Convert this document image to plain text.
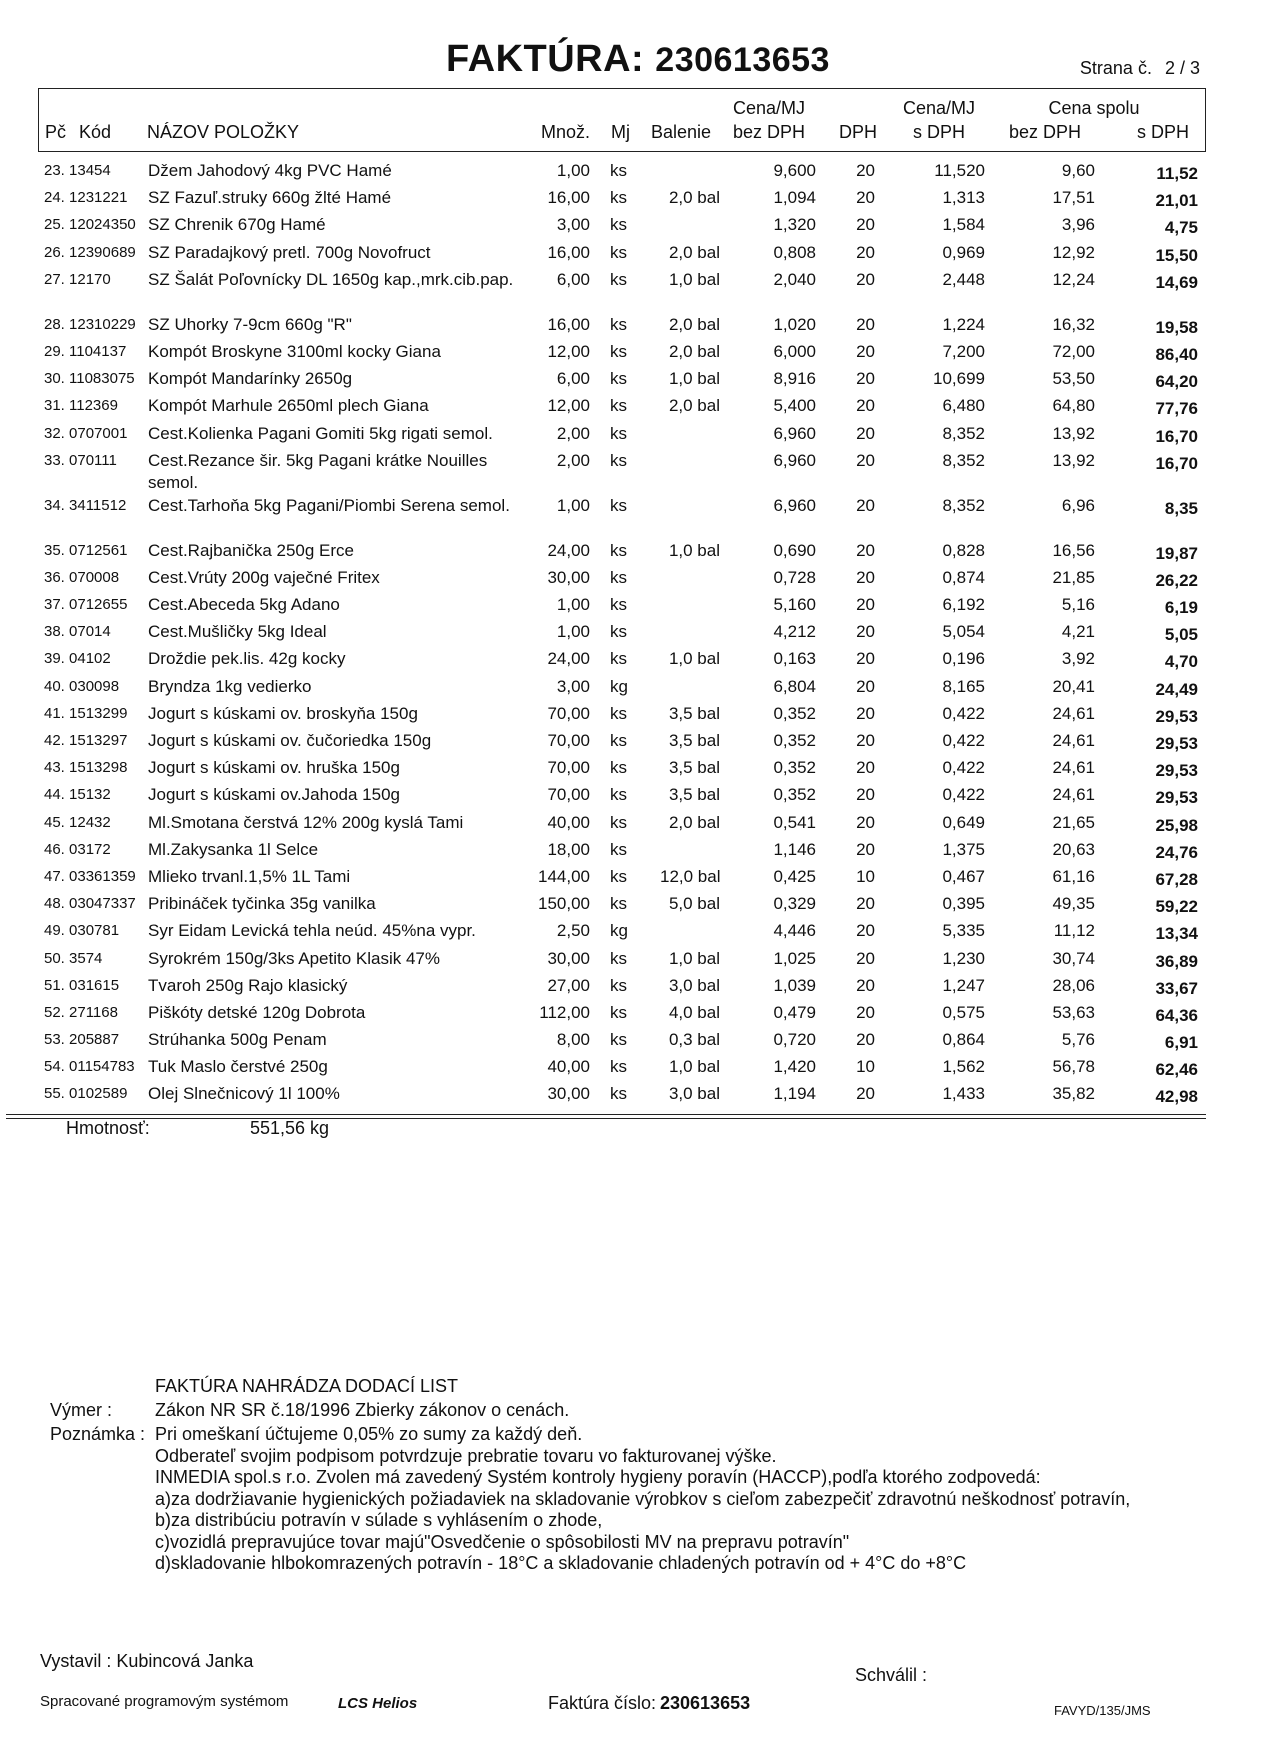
FAKTÚRA: 230613653	Strana č. 2 / 3
Pč Kód NÁZOV POLOŽKY	Množ. Mj Balenie
Cena/MJ
bez DPH DPH
Cena/MJ
s DPH
Cena spolu
bez DPH	s DPH
23. 13454	Džem Jahodový 4kg PVC Hamé	1,00 ks	9,600	20	11,520	9,60	11,52
24. 1231221	SZ Fazuľ.struky 660g žlté Hamé	16,00 ks	2,0 bal	1,094	20	1,313	17,51	21,01
25. 12024350 SZ Chrenik 670g Hamé	3,00 ks	1,320	20	1,584	3,96	4,75
26. 12390689 SZ Paradajkový pretl. 700g Novofruct	16,00 ks	2,0 bal	0,808	20	0,969	12,92	15,50
27. 12170	SZ Šalát Poľovnícky DL 1650g kap.,mrk.cib.pap.	6,00 ks	1,0 bal	2,040	20	2,448	12,24	14,69
28. 12310229 SZ Uhorky 7-9cm 660g "R"	16,00 ks	2,0 bal	1,020	20	1,224	16,32	19,58
29. 1104137	Kompót Broskyne 3100ml kocky Giana	12,00 ks	2,0 bal	6,000	20	7,200	72,00	86,40
30. 11083075 Kompót Mandarínky 2650g	6,00 ks	1,0 bal	8,916	20	10,699	53,50	64,20
31. 112369	Kompót Marhule 2650ml plech Giana	12,00 ks	2,0 bal	5,400	20	6,480	64,80	77,76
32. 0707001	Cest.Kolienka Pagani Gomiti 5kg rigati semol.	2,00 ks	6,960	20	8,352	13,92	16,70
33. 070111	Cest.Rezance šir. 5kg Pagani krátke Nouilles semol.
2,00 ks	6,960	20	8,352	13,92	16,70
34. 3411512	Cest.Tarhoňa 5kg Pagani/Piombi Serena semol.	1,00 ks	6,960	20	8,352	6,96	8,35
35. 0712561	Cest.Rajbanička 250g Erce	24,00 ks	1,0 bal	0,690	20	0,828	16,56	19,87
36. 070008	Cest.Vrúty 200g vaječné Fritex	30,00 ks	0,728	20	0,874	21,85	26,22
37. 0712655	Cest.Abeceda 5kg Adano	1,00 ks	5,160	20	6,192	5,16	6,19
38. 07014	Cest.Mušličky 5kg Ideal	1,00 ks	4,212	20	5,054	4,21	5,05
39. 04102	Droždie pek.lis. 42g kocky	24,00 ks	1,0 bal	0,163	20	0,196	3,92	4,70
40. 030098	Bryndza 1kg vedierko	3,00 kg	6,804	20	8,165	20,41	24,49
41. 1513299	Jogurt s kúskami ov. broskyňa 150g	70,00 ks	3,5 bal	0,352	20	0,422	24,61	29,53
42. 1513297	Jogurt s kúskami ov. čučoriedka 150g	70,00 ks	3,5 bal	0,352	20	0,422	24,61	29,53
43. 1513298	Jogurt s kúskami ov. hruška 150g	70,00 ks	3,5 bal	0,352	20	0,422	24,61	29,53
44. 15132	Jogurt s kúskami ov.Jahoda 150g	70,00 ks	3,5 bal	0,352	20	0,422	24,61	29,53
45. 12432	Ml.Smotana čerstvá 12% 200g kyslá Tami	40,00 ks	2,0 bal	0,541	20	0,649	21,65	25,98
46. 03172	Ml.Zakysanka 1l Selce	18,00 ks	1,146	20	1,375	20,63	24,76
47. 03361359 Mlieko trvanl.1,5% 1L Tami	144,00 ks 12,0 bal	0,425	10	0,467	61,16	67,28
48. 03047337 Pribináček tyčinka 35g vanilka	150,00 ks	5,0 bal	0,329	20	0,395	49,35	59,22
49. 030781	Syr Eidam Levická tehla neúd. 45%na vypr.	2,50 kg	4,446	20	5,335	11,12	13,34
50. 3574	Syrokrém 150g/3ks Apetito Klasik 47%	30,00 ks	1,0 bal	1,025	20	1,230	30,74	36,89
51. 031615	Tvaroh 250g Rajo klasický	27,00 ks	3,0 bal	1,039	20	1,247	28,06	33,67
52. 271168	Piškóty detské 120g Dobrota	112,00 ks	4,0 bal	0,479	20	0,575	53,63	64,36
53. 205887	Strúhanka 500g Penam	8,00 ks	0,3 bal	0,720	20	0,864	5,76	6,91
54. 01154783 Tuk Maslo čerstvé 250g	40,00 ks	1,0 bal	1,420	10	1,562	56,78	62,46
55. 0102589	Olej Slnečnicový 1l 100%	30,00 ks	3,0 bal	1,194	20	1,433	35,82	42,98
Hmotnosť:	551,56 kg
FAKTÚRA NAHRÁDZA DODACÍ LIST
Výmer : Zákon NR SR č.18/1996 Zbierky zákonov o cenách.
Poznámka : Pri omeškaní účtujeme 0,05% zo sumy za každý deň.
Odberateľ svojim podpisom potvrdzuje prebratie tovaru vo fakturovanej výške.
INMEDIA spol.s r.o. Zvolen má zavedený Systém kontroly hygieny poravín (HACCP),podľa ktorého zodpovedá:
a)za dodržiavanie hygienických požiadaviek na skladovanie výrobkov s cieľom zabezpečiť zdravotnú neškodnosť potravín,
b)za distribúciu potravín v súlade s vyhlásením o zhode,
c)vozidlá prepravujúce tovar majú"Osvedčenie o spôsobilosti MV na prepravu potravín"
d)skladovanie hlbokomrazených potravín - 18°C a skladovanie chladených potravín od + 4°C do +8°C
Vystavil : Kubincová Janka
Schválil :
Spracované programovým systémom	LCS Helios	Faktúra číslo: 230613653	FAVYD/135/JMS
